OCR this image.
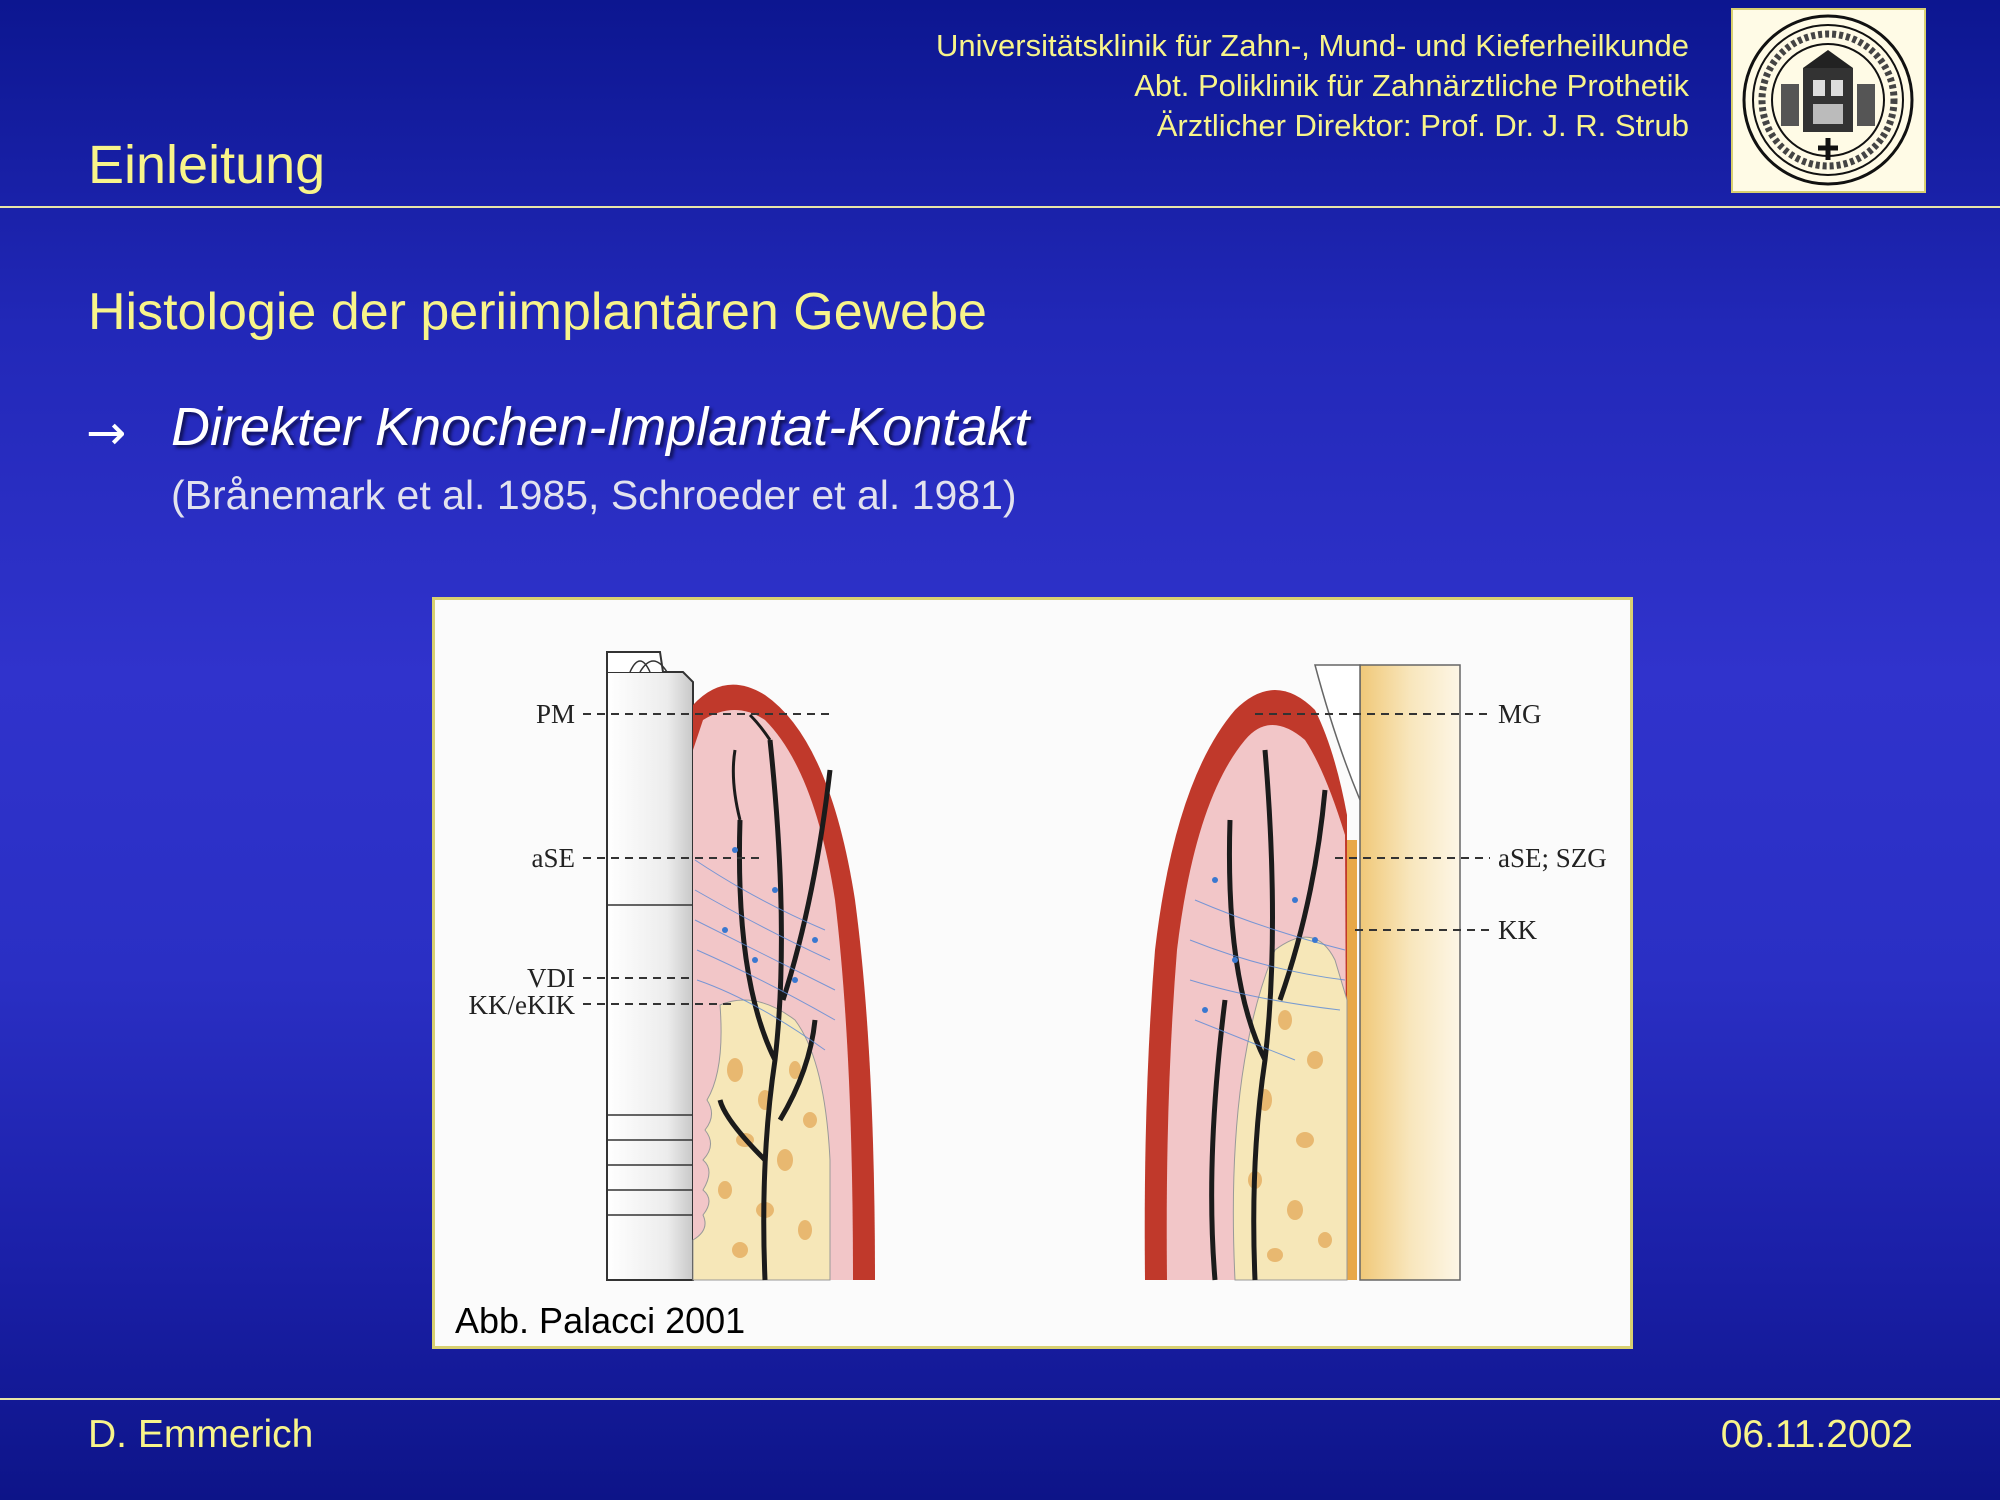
Universitätsklinik für Zahn-, Mund- und Kieferheilkunde
Abt. Poliklinik für Zahnärztliche Prothetik
Ärztlicher Direktor: Prof. Dr. J. R. Strub
Einleitung
Histologie der periimplantären Gewebe
→ Direkter Knochen-Implantat-Kontakt
(Brånemark et al. 1985, Schroeder et al. 1981)
PM
aSE
VDI
KK/eKIK
MG
aSE; SZG
KK
Abb. Palacci 2001
D. Emmerich	06.11.2002
